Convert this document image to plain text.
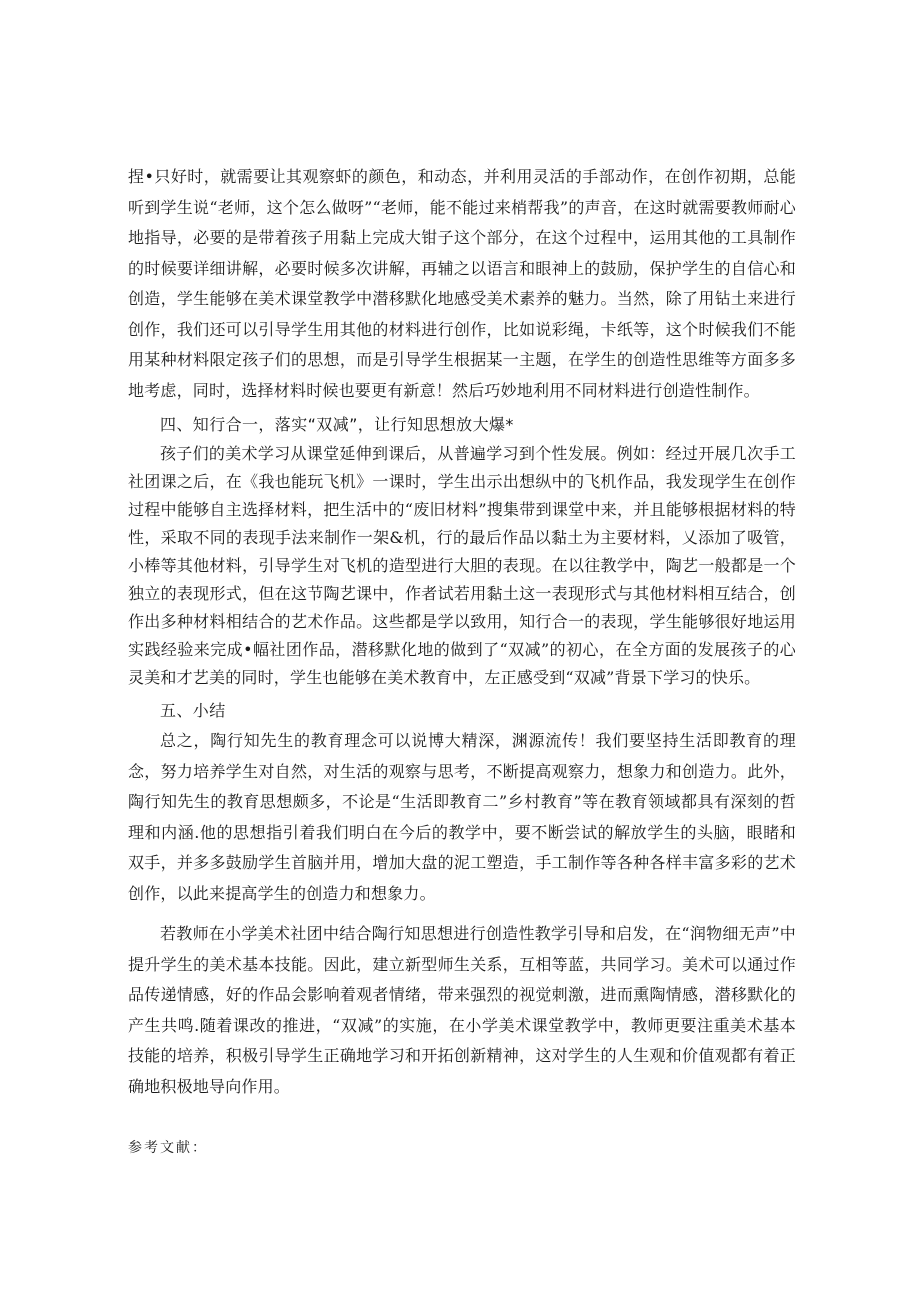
捏•只好时，就需要让其观察虾的颜色，和动态，并利用灵活的手部动作，在创作初期，总能听到学生说“老师，这个怎么做呀”“老师，能不能过来梢帮我”的声音，在这时就需要教师耐心地指导，必要的是带着孩子用黏上完成大钳子这个部分，在这个过程中，运用其他的工具制作的时候要详细讲解，必要时候多次讲解，再辅之以语言和眼神上的鼓励，保护学生的自信心和创造，学生能够在美术课堂教学中潜移默化地感受美术素养的魅力。当然，除了用钻土来进行创作，我们还可以引导学生用其他的材料进行创作，比如说彩绳，卡纸等，这个时候我们不能用某种材料限定孩子们的思想，而是引导学生根据某一主题，在学生的创造性思维等方面多多地考虑，同时，选择材料时候也要更有新意！然后巧妙地利用不同材料进行创造性制作。

四、知行合一，落实“双减”，让行知思想放大爆*

孩子们的美术学习从课堂延伸到课后，从普遍学习到个性发展。例如：经过开展几次手工社团课之后，在《我也能玩飞机》一课时，学生出示出想纵中的飞机作品，我发现学生在创作过程中能够自主选择材料，把生活中的“废旧材料”搜集带到课堂中来，并且能够根据材料的特性，采取不同的表现手法来制作一架&机，行的最后作品以黏土为主要材料，乂添加了吸管，小棒等其他材料，引导学生对飞机的造型进行大胆的表现。在以往教学中，陶艺一般都是一个独立的表现形式，但在这节陶艺课中，作者试若用黏土这一表现形式与其他材料相互结合，创作出多种材料相结合的艺术作品。这些都是学以致用，知行合一的表现，学生能够很好地运用实践经验来完成•幅社团作品，潜移默化地的做到了“双减”的初心，在全方面的发展孩子的心灵美和才艺美的同时，学生也能够在美术教育中，左正感受到“双减”背景下学习的快乐。

五、小结

总之，陶行知先生的教育理念可以说博大精深，渊源流传！我们要坚持生活即教育的理念，努力培养学生对自然，对生活的观察与思考，不断提高观察力，想象力和创造力。此外，陶行知先生的教育思想颇多，不论是“生活即教育二”乡村教育”等在教育领域都具有深刻的哲理和内涵.他的思想指引着我们明白在今后的教学中，要不断尝试的解放学生的头脑，眼睹和双手，并多多鼓励学生首脑并用，增加大盘的泥工塑造，手工制作等各种各样丰富多彩的艺术创作，以此来提高学生的创造力和想象力。

若教师在小学美术社团中结合陶行知思想进行创造性教学引导和启发，在“润物细无声”中提升学生的美术基本技能。因此，建立新型师生关系，互相等蓝，共同学习。美术可以通过作品传递情感，好的作品会影响着观者情绪，带来强烈的视觉刺激，进而熏陶情感，潜移默化的产生共鸣.随着课改的推进，“双减”的实施，在小学美术课堂教学中，教师更要注重美术基本技能的培养，积极引导学生正确地学习和开拓创新精神，这对学生的人生观和价值观都有着正确地积极地导向作用。

参考文献：
